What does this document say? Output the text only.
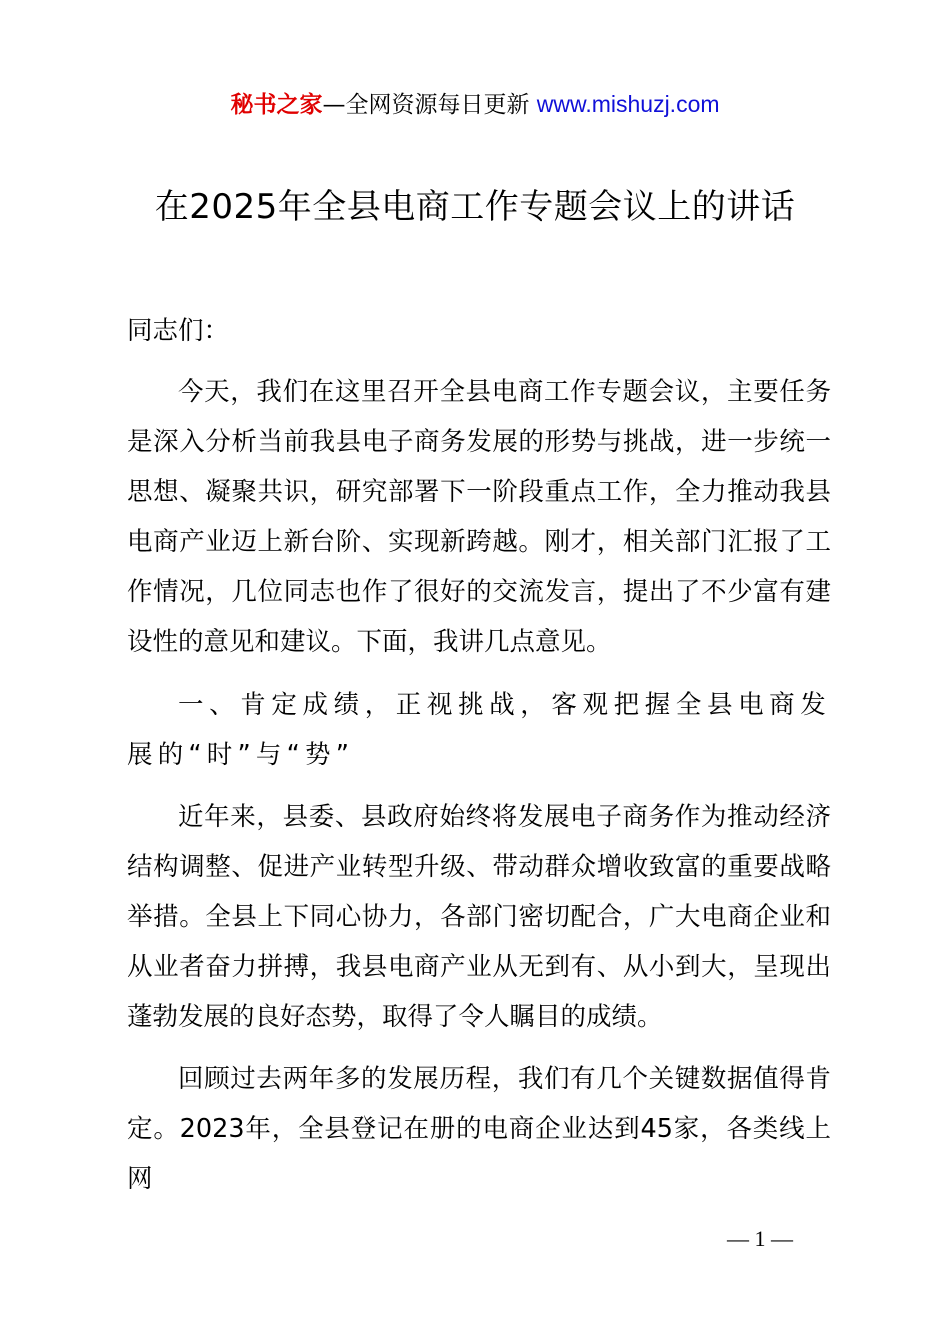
秘书之家—全网资源每日更新 www.mishuzj.com
在2025年全县电商工作专题会议上的讲话

同志们：

今天，我们在这里召开全县电商工作专题会议，主要任务是深入分析当前我县电子商务发展的形势与挑战，进一步统一思想、凝聚共识，研究部署下一阶段重点工作，全力推动我县电商产业迈上新台阶、实现新跨越。刚才，相关部门汇报了工作情况，几位同志也作了很好的交流发言，提出了不少富有建设性的意见和建议。下面，我讲几点意见。

一、肯定成绩，正视挑战，客观把握全县电商发展的“时”与“势”

近年来，县委、县政府始终将发展电子商务作为推动经济结构调整、促进产业转型升级、带动群众增收致富的重要战略举措。全县上下同心协力，各部门密切配合，广大电商企业和从业者奋力拼搏，我县电商产业从无到有、从小到大，呈现出蓬勃发展的良好态势，取得了令人瞩目的成绩。

回顾过去两年多的发展历程，我们有几个关键数据值得肯定。2023年，全县登记在册的电商企业达到45家，各类线上网

— 1 —
